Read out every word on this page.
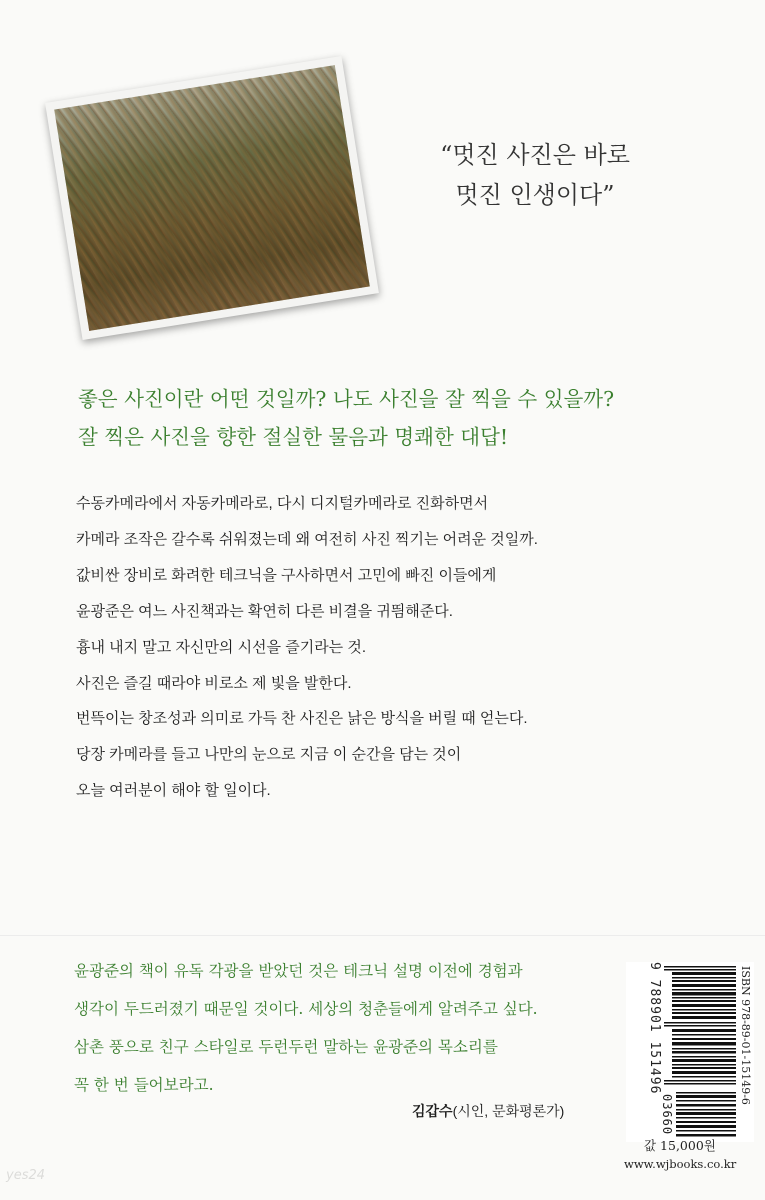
“멋진 사진은 바로
멋진 인생이다”
좋은 사진이란 어떤 것일까? 나도 사진을 잘 찍을 수 있을까?
잘 찍은 사진을 향한 절실한 물음과 명쾌한 대답!
수동카메라에서 자동카메라로, 다시 디지털카메라로 진화하면서
카메라 조작은 갈수록 쉬워졌는데 왜 여전히 사진 찍기는 어려운 것일까.
값비싼 장비로 화려한 테크닉을 구사하면서 고민에 빠진 이들에게
윤광준은 여느 사진책과는 확연히 다른 비결을 귀띔해준다.
흉내 내지 말고 자신만의 시선을 즐기라는 것.
사진은 즐길 때라야 비로소 제 빛을 발한다.
번뜩이는 창조성과 의미로 가득 찬 사진은 낡은 방식을 버릴 때 얻는다.
당장 카메라를 들고 나만의 눈으로 지금 이 순간을 담는 것이
오늘 여러분이 해야 할 일이다.
윤광준의 책이 유독 각광을 받았던 것은 테크닉 설명 이전에 경험과
생각이 두드러졌기 때문일 것이다. 세상의 청춘들에게 알려주고 싶다.
삼촌 풍으로 친구 스타일로 두런두런 말하는 윤광준의 목소리를
꼭 한 번 들어보라고.
김갑수(시인, 문화평론가)
ISBN 978-89-01-15149-6
9 788901 151496
03660
값 15,000원
www.wjbooks.co.kr
yes24
